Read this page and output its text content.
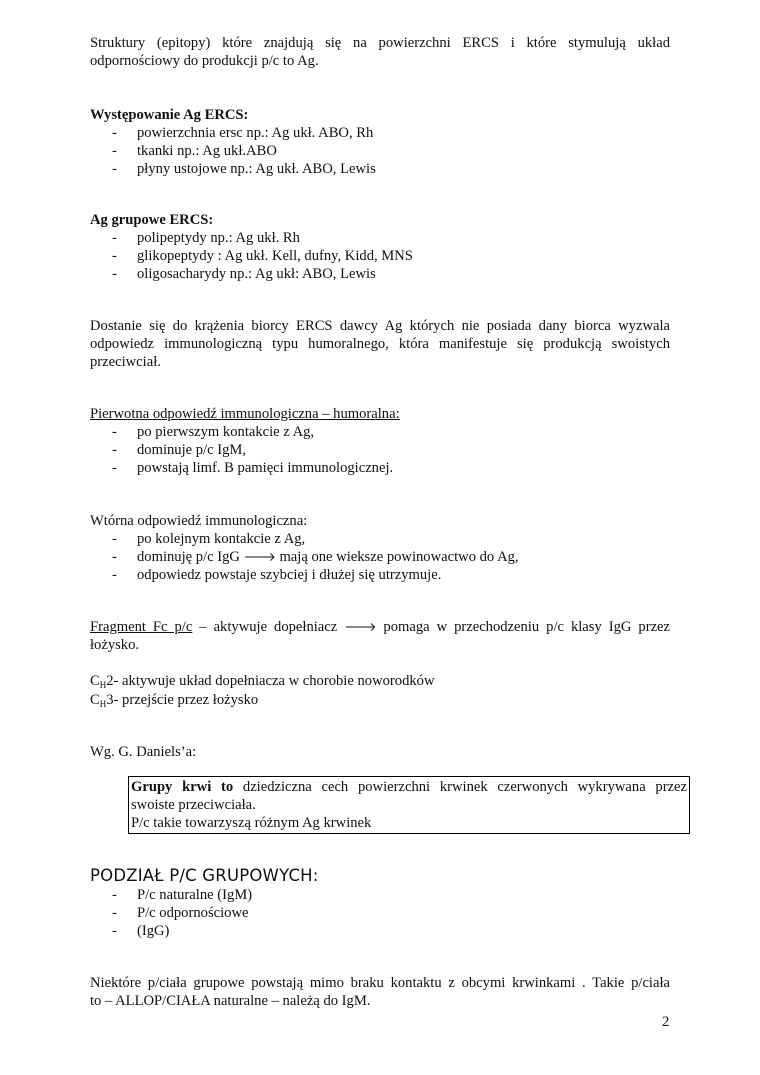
Struktury (epitopy) które znajdują się na powierzchni ERCS i które stymulują układ

odpornościowy do produkcji p/c to Ag.

Występowanie Ag ERCS:

- powierzchnia ersc np.: Ag ukł. ABO, Rh
- tkanki np.: Ag ukł.ABO
- płyny ustojowe np.: Ag ukł. ABO, Lewis

Ag grupowe ERCS:

- polipeptydy np.: Ag ukł. Rh
- glikopeptydy : Ag ukł. Kell, dufny, Kidd, MNS
- oligosacharydy np.: Ag ukł: ABO, Lewis

Dostanie się do krążenia biorcy ERCS dawcy Ag których nie posiada dany biorca wyzwala

odpowiedz immunologiczną typu humoralnego, która manifestuje się produkcją swoistych

przeciwciał.

Pierwotna odpowiedź immunologiczna – humoralna:

- po pierwszym kontakcie z Ag,
- dominuje p/c IgM,
- powstają limf. B pamięci immunologicznej.

Wtórna odpowiedź immunologiczna:

- po kolejnym kontakcie z Ag,
- dominuję p/c IgG 🡒 mają one wieksze powinowactwo do Ag,
- odpowiedz powstaje szybciej i dłużej się utrzymuje.

Fragment Fc p/c – aktywuje dopełniacz 🡒 pomaga w przechodzeniu p/c klasy IgG przez

łożysko.

$C_H2-$ aktywuje układ dopełniacza w chorobie noworodków

$C_H3-$ przejście przez łożysko

Wg. G. Daniels’a:

Grupy krwi to dziedziczna cech powierzchni krwinek czerwonych wykrywana przez

swoiste przeciwciała.

P/c takie towarzyszą różnym Ag krwinek

PODZIAŁ P/C GRUPOWYCH:

- P/c naturalne (IgM)
- P/c odpornościowe
- (IgG)

Niektóre p/ciała grupowe powstają mimo braku kontaktu z obcymi krwinkami . Takie p/ciała

to – ALLOP/CIAŁA naturalne – należą do IgM.

2
